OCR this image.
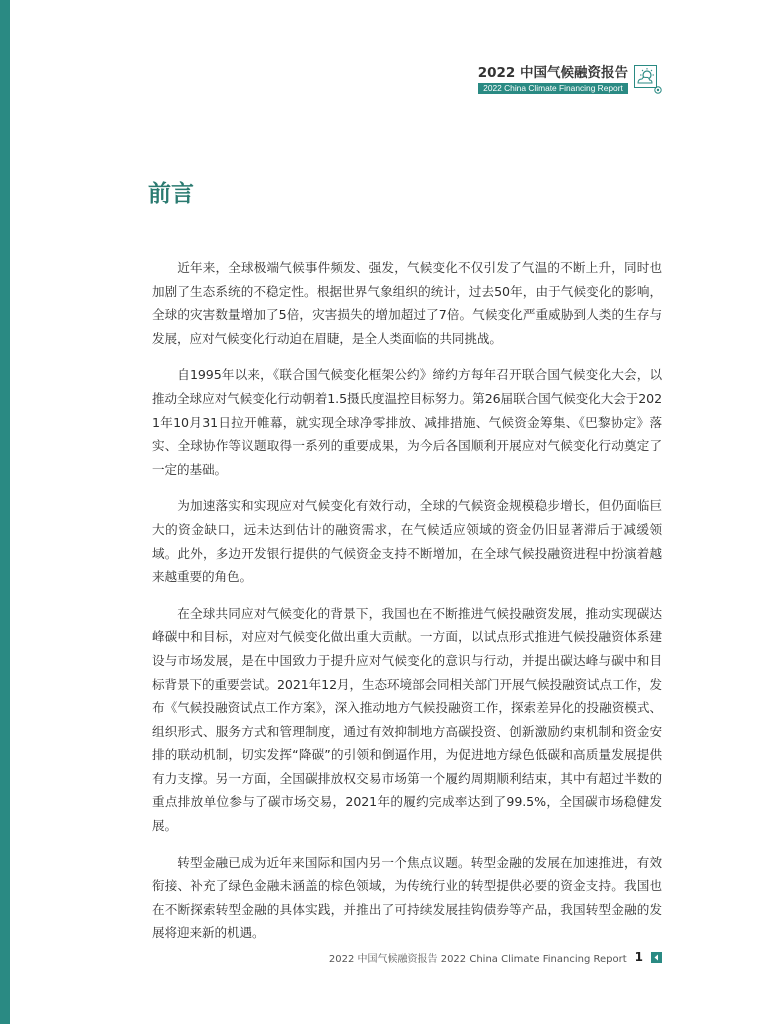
2022 中国气候融资报告
2022 China Climate Financing Report
前言

近年来，全球极端气候事件频发、强发，气候变化不仅引发了气温的不断上升，同时也加剧了生态系统的不稳定性。根据世界气象组织的统计，过去50年，由于气候变化的影响，全球的灾害数量增加了5倍，灾害损失的增加超过了7倍。气候变化严重威胁到人类的生存与发展，应对气候变化行动迫在眉睫，是全人类面临的共同挑战。

自1995年以来，《联合国气候变化框架公约》缔约方每年召开联合国气候变化大会，以推动全球应对气候变化行动朝着1.5摄氏度温控目标努力。第26届联合国气候变化大会于2021年10月31日拉开帷幕，就实现全球净零排放、减排措施、气候资金筹集、《巴黎协定》落实、全球协作等议题取得一系列的重要成果，为今后各国顺利开展应对气候变化行动奠定了一定的基础。

为加速落实和实现应对气候变化有效行动，全球的气候资金规模稳步增长，但仍面临巨大的资金缺口，远未达到估计的融资需求，在气候适应领域的资金仍旧显著滞后于减缓领域。此外，多边开发银行提供的气候资金支持不断增加，在全球气候投融资进程中扮演着越来越重要的角色。

在全球共同应对气候变化的背景下，我国也在不断推进气候投融资发展，推动实现碳达峰碳中和目标，对应对气候变化做出重大贡献。一方面，以试点形式推进气候投融资体系建设与市场发展，是在中国致力于提升应对气候变化的意识与行动，并提出碳达峰与碳中和目标背景下的重要尝试。2021年12月，生态环境部会同相关部门开展气候投融资试点工作，发布《气候投融资试点工作方案》，深入推动地方气候投融资工作，探索差异化的投融资模式、组织形式、服务方式和管理制度，通过有效抑制地方高碳投资、创新激励约束机制和资金安排的联动机制，切实发挥“降碳”的引领和倒逼作用，为促进地方绿色低碳和高质量发展提供有力支撑。另一方面，全国碳排放权交易市场第一个履约周期顺利结束，其中有超过半数的重点排放单位参与了碳市场交易，2021年的履约完成率达到了99.5%，全国碳市场稳健发展。

转型金融已成为近年来国际和国内另一个焦点议题。转型金融的发展在加速推进，有效衔接、补充了绿色金融未涵盖的棕色领域，为传统行业的转型提供必要的资金支持。我国也在不断探索转型金融的具体实践，并推出了可持续发展挂钩债券等产品，我国转型金融的发展将迎来新的机遇。

2022 中国气候融资报告 2022 China Climate Financing Report 1
